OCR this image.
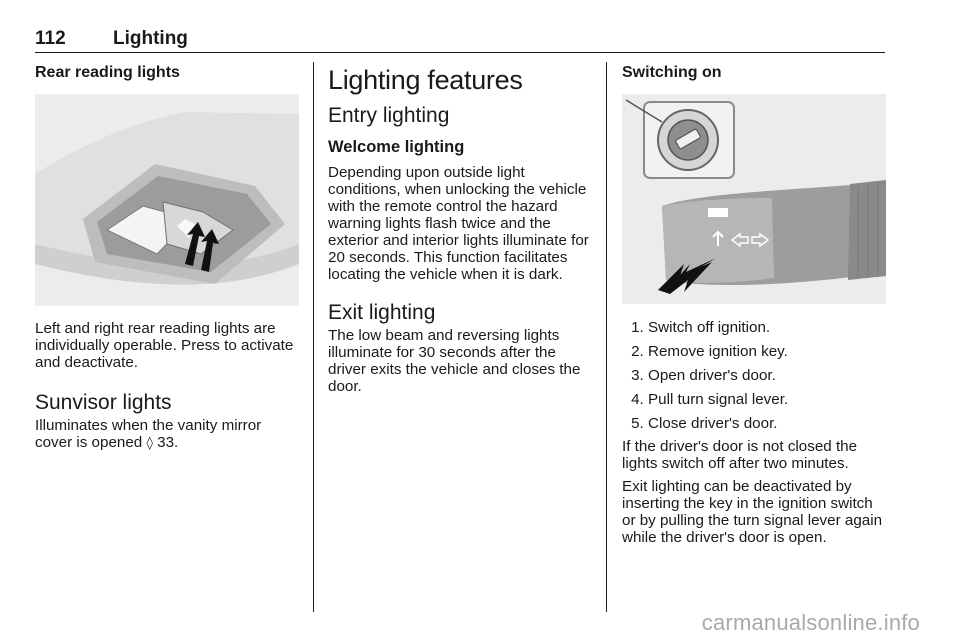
112 Lighting
Rear reading lights

Left and right rear reading lights are individually operable. Press to activate and deactivate.

Sunvisor lights

Illuminates when the vanity mirror cover is opened ◊ 33.

Lighting features
Entry lighting
Welcome lighting

Depending upon outside light conditions, when unlocking the vehicle with the remote control the hazard warning lights flash twice and the exterior and interior lights illuminate for 20 seconds. This function facilitates locating the vehicle when it is dark.

Exit lighting

The low beam and reversing lights illuminate for 30 seconds after the driver exits the vehicle and closes the door.

Switching on
1. Switch off ignition.
2. Remove ignition key.
3. Open driver's door.
4. Pull turn signal lever.
5. Close driver's door.

If the driver's door is not closed the lights switch off after two minutes.

Exit lighting can be deactivated by inserting the key in the ignition switch or by pulling the turn signal lever again while the driver's door is open.

carmanualsonline.info
